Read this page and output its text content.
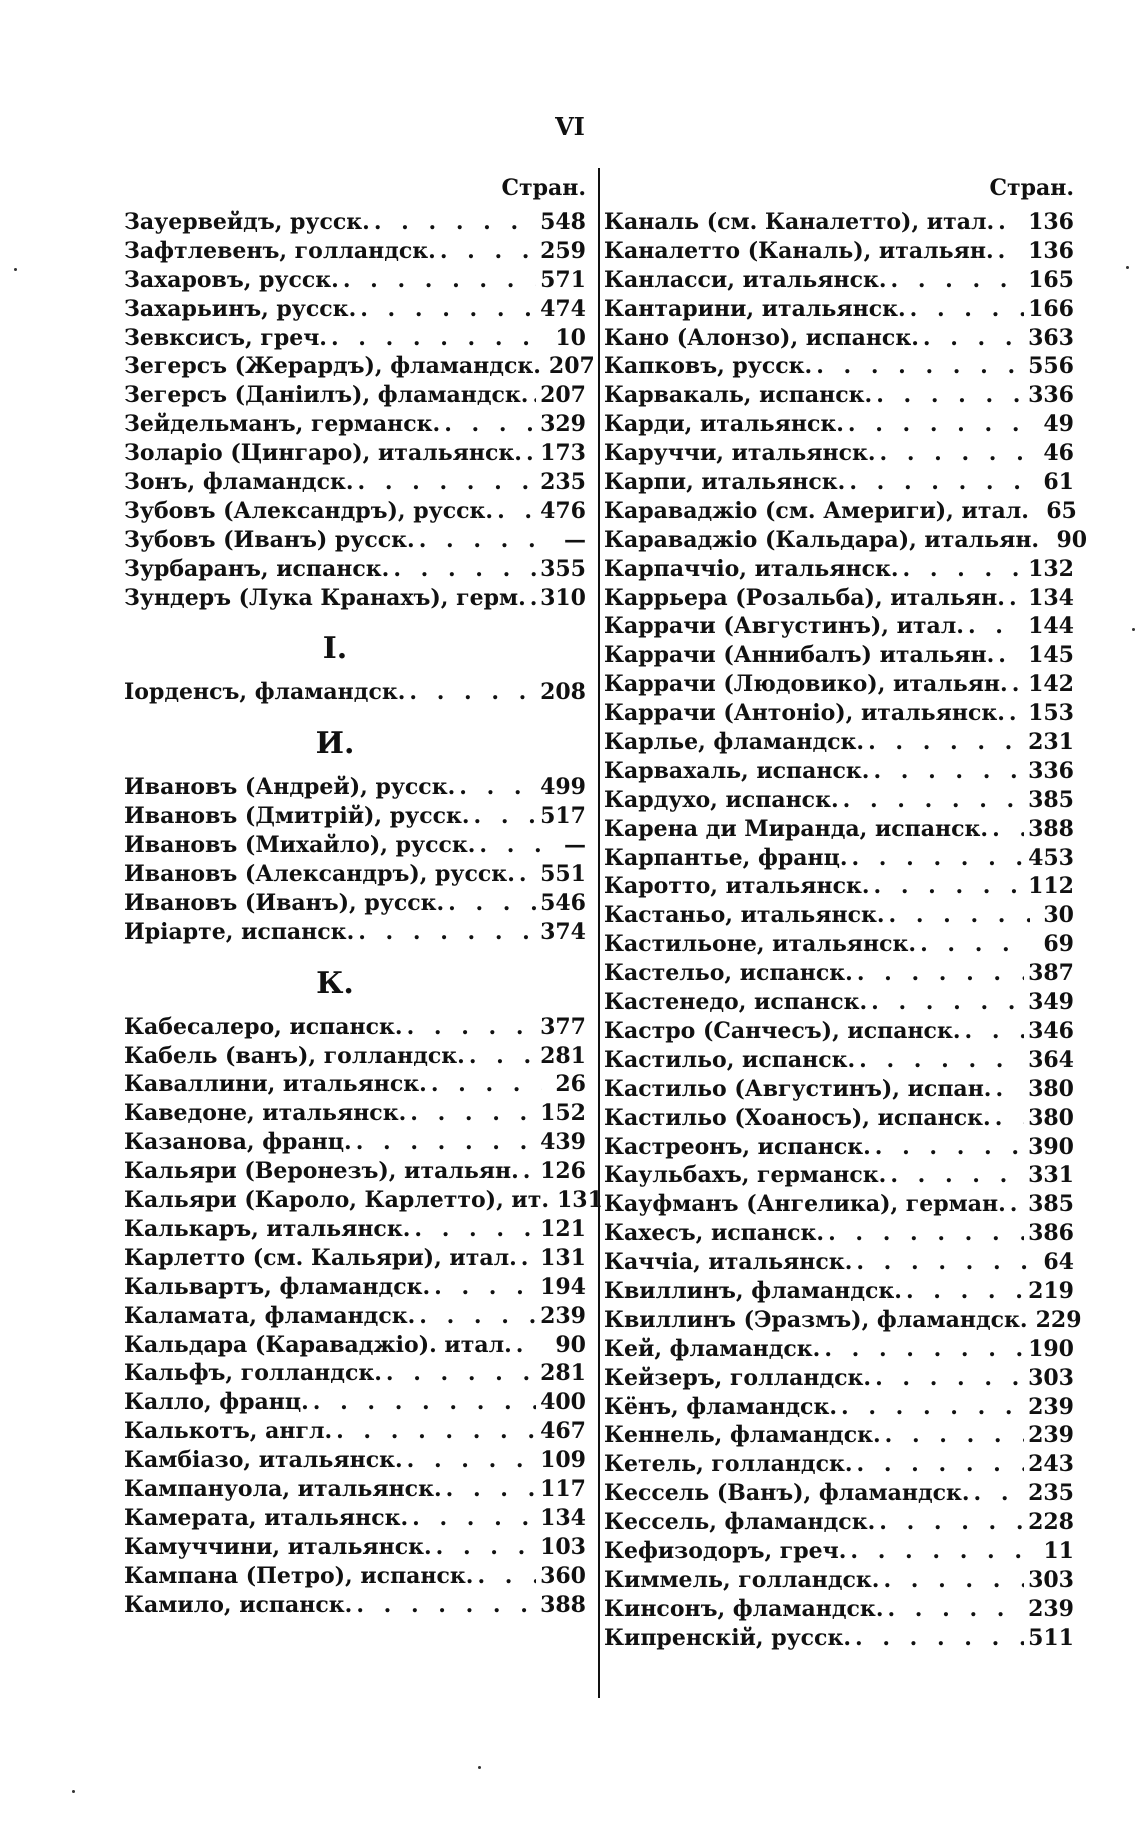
VI
Стран.
Зауервейдъ, русск. . . .	548
Зафтлевенъ, голландск. . . .	259
Захаровъ, русск. . . .	571
Захарьинъ, русск. . . .	474
Зевксисъ, греч. . . .	10
Зегерсъ (Жерардъ), фламандск. 207
Зегерсъ (Даніилъ), фламандск. . . . 207
Зейдельманъ, германск. . . .	329
Золаріо (Цингаро), итальянск. . . . 173
Зонъ, фламандск. . . .	235
Зубовъ (Александръ), русск. . . . 476
Зубовъ (Иванъ) русск. . . .	—
Зурбаранъ, испанск. . . .	355
Зундеръ (Лука Кранахъ), герм. . . . 310
I.
Іорденсъ, фламандск. . . .	208
И.
Ивановъ (Андрей), русск. . . .	499
Ивановъ (Дмитрій), русск. . . .	517
Ивановъ (Михайло), русск. . . .	—
Ивановъ (Александръ), русск. . . . 551
Ивановъ (Иванъ), русск. . . .	546
Иріарте, испанск. . . .	374
К.
Кабесалеро, испанск. . . .	377
Кабель (ванъ), голландск. . . .	281
Каваллини, итальянск. . . .	26
Каведоне, итальянск. . . .	152
Казанова, франц. . . .	439
Кальяри (Веронезъ), итальян. . . . 126
Кальяри (Кароло, Карлетто), ит. 131
Калькаръ, итальянск. . . .	121
Карлетто (см. Кальяри), итал. . . . 131
Кальвартъ, фламандск. . . .	194
Каламата, фламандск. . . .	239
Кальдара (Караваджіо). итал. . . .	90
Кальфъ, голландск. . . .	281
Калло, франц. . . .	400
Калькотъ, англ. . . .	467
Камбіазо, итальянск. . . .	109
Кампануола, итальянск. . . .	117
Камерата, итальянск. . . .	134
Камуччини, итальянск. . . .	103
Кампана (Петро), испанск. . . .	360
Камило, испанск. . . .	388
Стран.
Каналь (см. Каналетто), итал. . . . 136
Каналетто (Каналь), итальян. . . . 136
Канласси, итальянск. . . .	165
Кантарини, итальянск. . . .	166
Кано (Алонзо), испанск. . . .	363
Капковъ, русск. . . .	556
Карвакаль, испанск. . . .	336
Карди, итальянск. . . .	49
Каруччи, итальянск. . . .	46
Карпи, итальянск. . . .	61
Караваджіо (см. Америги), итал. 65
Караваджіо (Кальдара), итальян. 90
Карпаччіо, итальянск. . . .	132
Каррьера (Розальба), итальян. . . . 134
Каррачи (Августинъ), итал. . . .	144
Каррачи (Аннибалъ) итальян. . . . 145
Каррачи (Людовико), итальян. . . . 142
Каррачи (Антоніо), итальянск. . . . 153
Карлье, фламандск. . . .	231
Карвахаль, испанск. . . .	336
Кардухо, испанск. . . .	385
Карена ди Миранда, испанск. . . . 388
Карпантье, франц. . . .	453
Каротто, итальянск. . . .	112
Кастаньо, итальянск. . . .	30
Кастильоне, итальянск. . . .	69
Кастельо, испанск. . . .	387
Кастенедо, испанск. . . .	349
Кастро (Санчесъ), испанск. . . .	346
Кастильо, испанск. . . .	364
Кастильо (Августинъ), испан. . . . 380
Кастильо (Хоаносъ), испанск. . . . 380
Кастреонъ, испанск. . . .	390
Каульбахъ, германск. . . .	331
Кауфманъ (Ангелика), герман. . . . 385
Кахесъ, испанск. . . .	386
Каччіа, итальянск. . . .	64
Квиллинъ, фламандск. . . .	219
Квиллинъ (Эразмъ), фламандск. 229
Кей, фламандск. . . .	190
Кейзеръ, голландск. . . .	303
Кёнъ, фламандск. . . .	239
Кеннель, фламандск. . . .	239
Кетель, голландск. . . .	243
Кессель (Ванъ), фламандск. . . .	235
Кессель, фламандск. . . .	228
Кефизодоръ, греч. . . .	11
Киммель, голландск. . . .	303
Кинсонъ, фламандск. . . .	239
Кипренскій, русск. . . .	511
